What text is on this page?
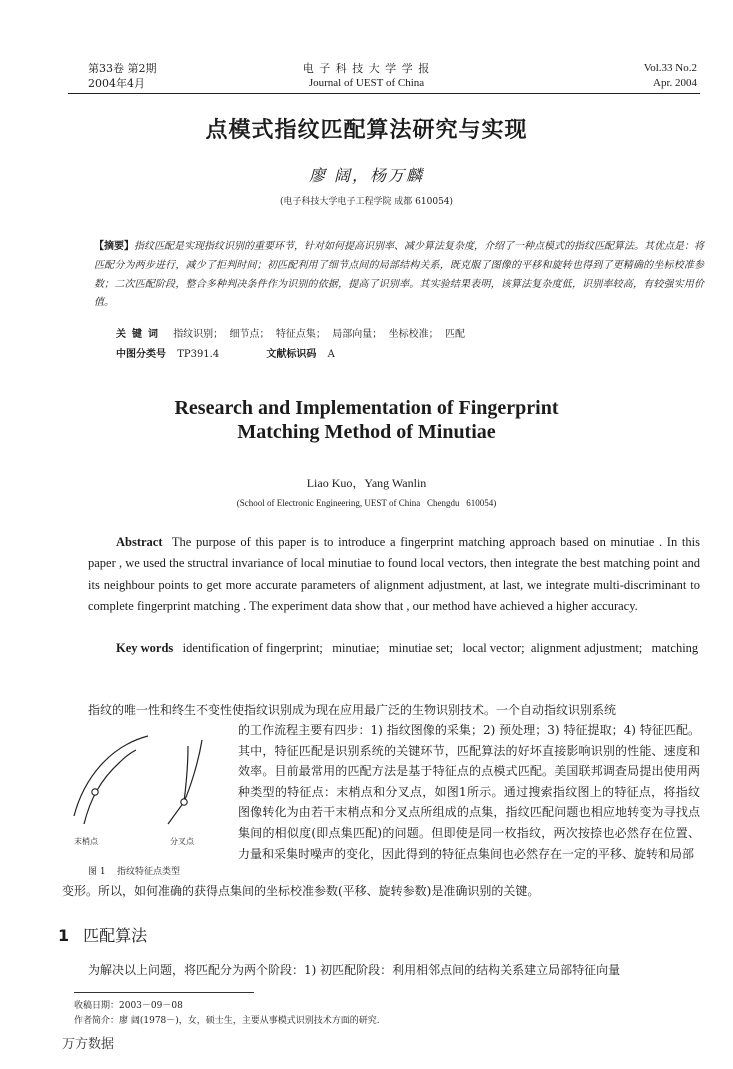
第33卷 第2期
2004年4月
电 子 科 技 大 学 学 报
Journal of UEST of China
Vol.33 No.2
Apr. 2004
点模式指纹匹配算法研究与实现
廖 阔，杨万麟
(电子科技大学电子工程学院 成都 610054)
【摘要】指纹匹配是实现指纹识别的重要环节，针对如何提高识别率、减少算法复杂度，介绍了一种点模式的指纹匹配算法。其优点是：将匹配分为两步进行，减少了拒判时间；初匹配利用了细节点间的局部结构关系，既克服了图像的平移和旋转也得到了更精确的坐标校准参数；二次匹配阶段，整合多种判决条件作为识别的依据，提高了识别率。其实验结果表明，该算法复杂度低，识别率较高，有较强实用价值。
关键词 指纹识别；  细节点；  特征点集；  局部向量；  坐标校准；  匹配
中图分类号 TP391.4	文献标识码 A
Research and Implementation of Fingerprint
Matching Method of Minutiae
Liao Kuo，Yang Wanlin
(School of Electronic Engineering, UEST of China   Chengdu   610054)
Abstract The purpose of this paper is to introduce a fingerprint matching approach based on minutiae . In this paper , we used the structral invariance of local minutiae to found local vectors, then integrate the best matching point and its neighbour points to get more accurate parameters of alignment adjustment, at last, we integrate multi-discriminant to complete fingerprint matching . The experiment data show that , our method have achieved a higher accuracy.
Key words identification of fingerprint;   minutiae;   minutiae set;   local vector;  alignment adjustment;   matching
指纹的唯一性和终生不变性使指纹识别成为现在应用最广泛的生物识别技术。一个自动指纹识别系统
末梢点	分叉点
图 1    指纹特征点类型
的工作流程主要有四步：1) 指纹图像的采集；2) 预处理；3) 特征提取；4) 特征匹配。其中，特征匹配是识别系统的关键环节，匹配算法的好坏直接影响识别的性能、速度和效率。目前最常用的匹配方法是基于特征点的点模式匹配。美国联邦调查局提出使用两种类型的特征点：末梢点和分叉点，如图1所示。通过搜索指纹图上的特征点，将指纹图像转化为由若干末梢点和分叉点所组成的点集，指纹匹配问题也相应地转变为寻找点集间的相似度(即点集匹配)的问题。但即使是同一枚指纹，两次按捺也必然存在位置、力量和采集时噪声的变化，因此得到的特征点集间也必然存在一定的平移、旋转和局部
变形。所以，如何准确的获得点集间的坐标校准参数(平移、旋转参数)是准确识别的关键。
1 匹配算法
为解决以上问题，将匹配分为两个阶段：1) 初匹配阶段：利用相邻点间的结构关系建立局部特征向量
收稿日期：2003－09－08
作者简介：廖 阔(1978－)，女，硕士生，主要从事模式识别技术方面的研究.
万方数据
